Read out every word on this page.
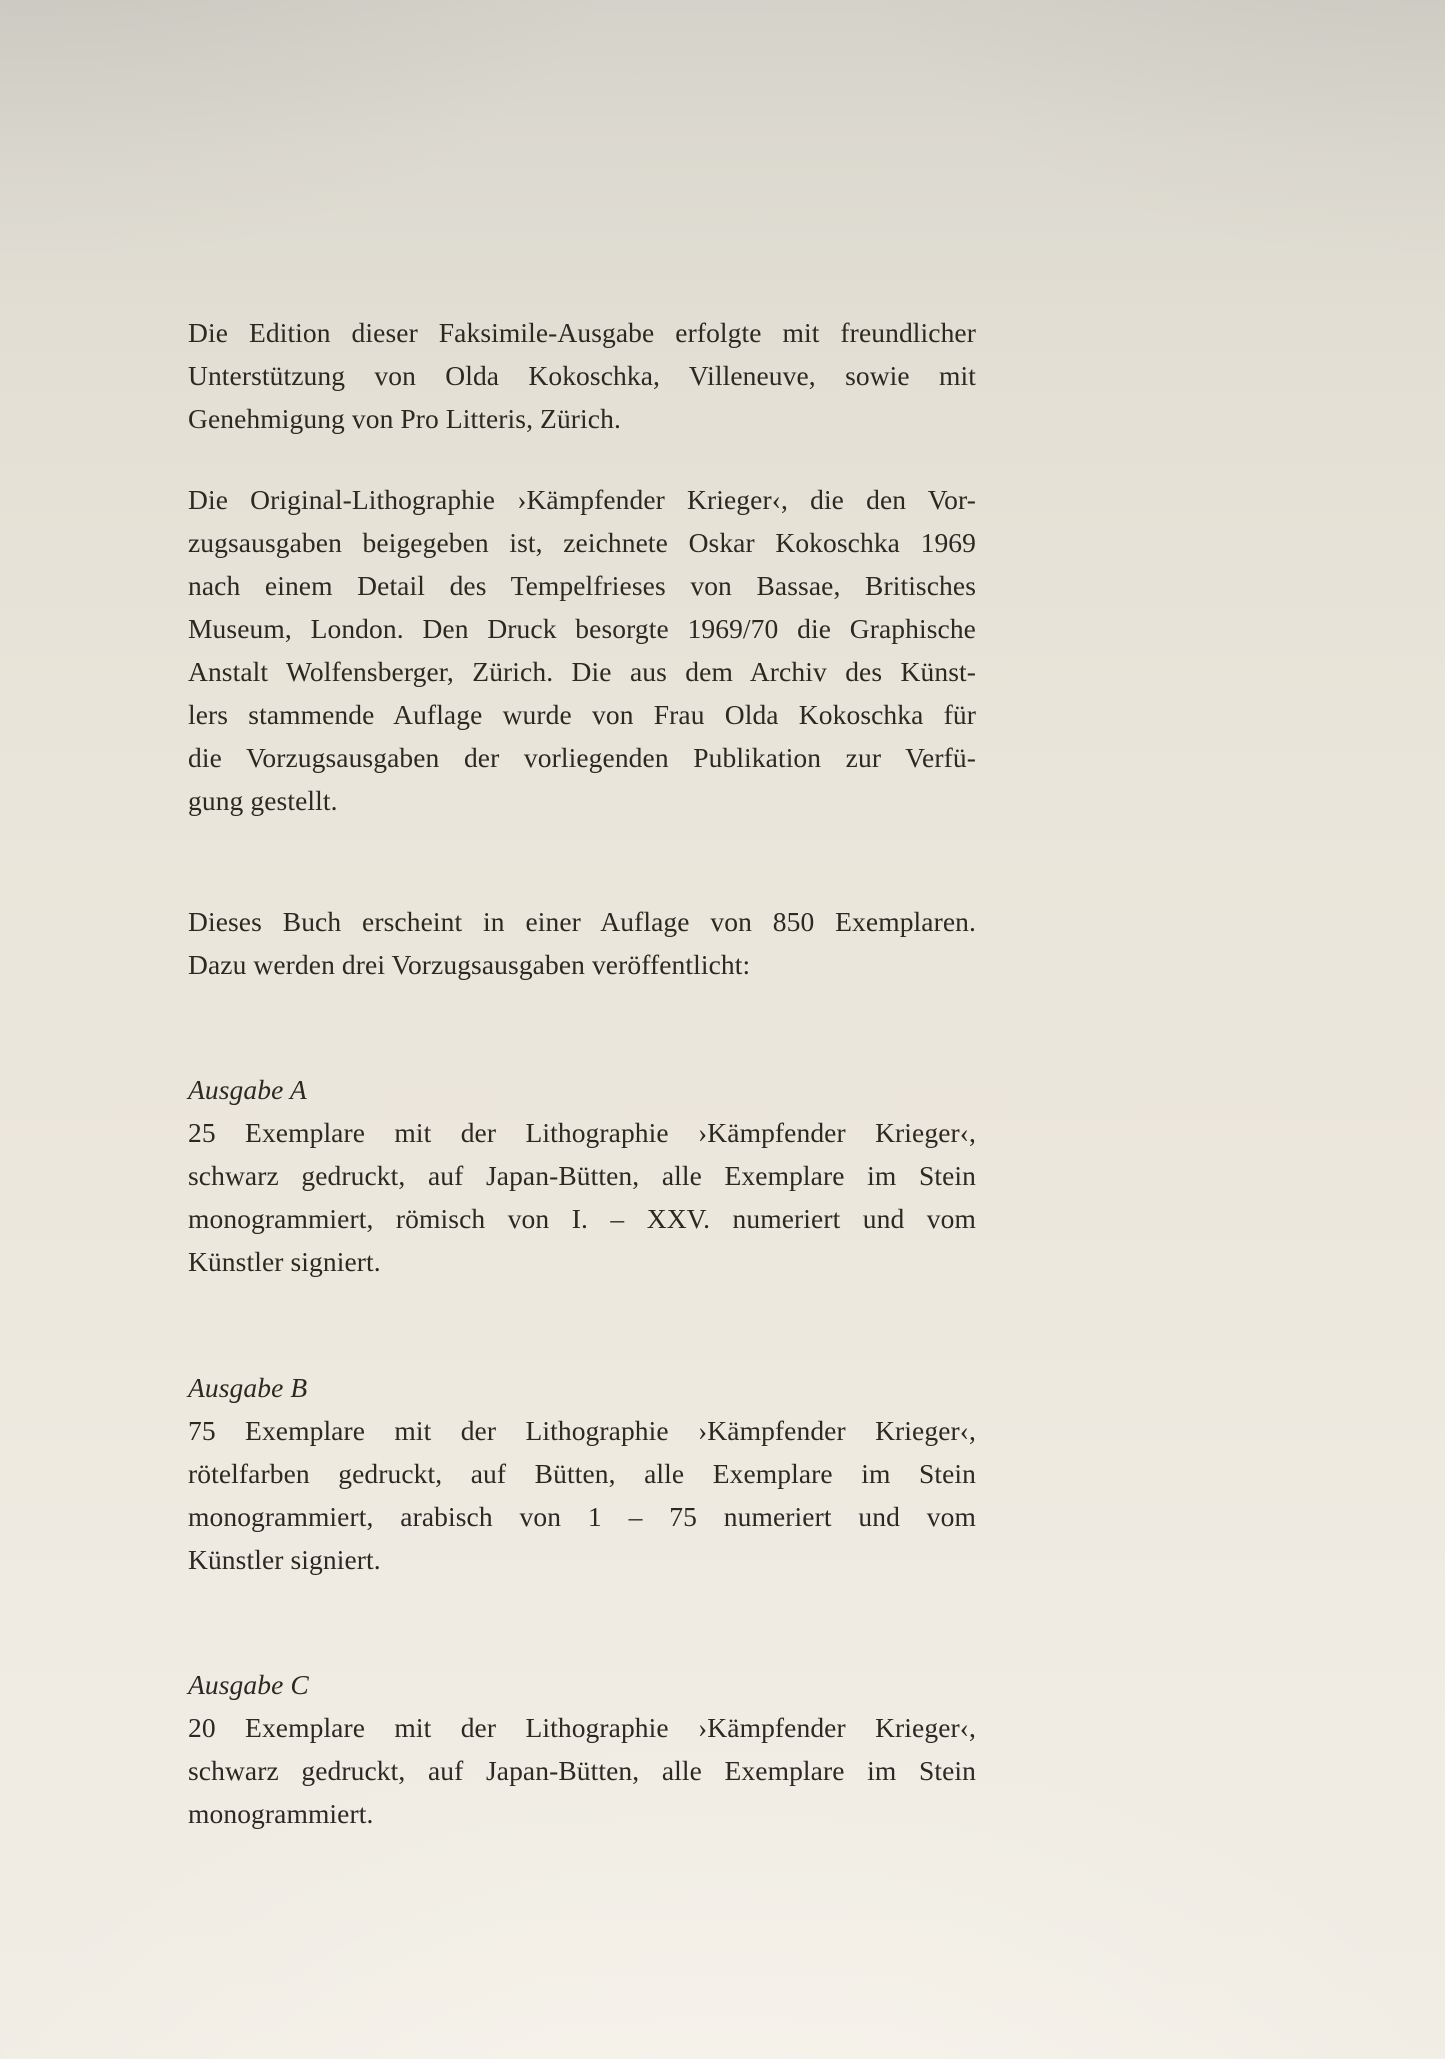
Die Edition dieser Faksimile-Ausgabe erfolgte mit freundlicher
Unterstützung von Olda Kokoschka, Villeneuve, sowie mit
Genehmigung von Pro Litteris, Zürich.
Die Original-Lithographie ›Kämpfender Krieger‹, die den Vor-
zugsausgaben beigegeben ist, zeichnete Oskar Kokoschka 1969
nach einem Detail des Tempelfrieses von Bassae, Britisches
Museum, London. Den Druck besorgte 1969/70 die Graphische
Anstalt Wolfensberger, Zürich. Die aus dem Archiv des Künst-
lers stammende Auflage wurde von Frau Olda Kokoschka für
die Vorzugsausgaben der vorliegenden Publikation zur Verfü-
gung gestellt.
Dieses Buch erscheint in einer Auflage von 850 Exemplaren.
Dazu werden drei Vorzugsausgaben veröffentlicht:
Ausgabe A
25 Exemplare mit der Lithographie ›Kämpfender Krieger‹,
schwarz gedruckt, auf Japan-Bütten, alle Exemplare im Stein
monogrammiert, römisch von I. – XXV. numeriert und vom
Künstler signiert.
Ausgabe B
75 Exemplare mit der Lithographie ›Kämpfender Krieger‹,
rötelfarben gedruckt, auf Bütten, alle Exemplare im Stein
monogrammiert, arabisch von 1 – 75 numeriert und vom
Künstler signiert.
Ausgabe C
20 Exemplare mit der Lithographie ›Kämpfender Krieger‹,
schwarz gedruckt, auf Japan-Bütten, alle Exemplare im Stein
monogrammiert.
